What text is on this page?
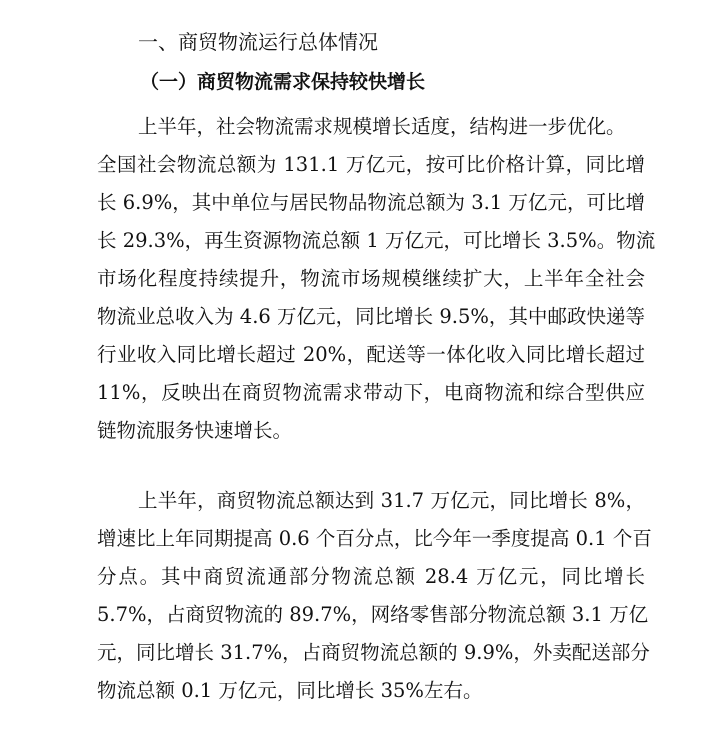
一、商贸物流运行总体情况
（一）商贸物流需求保持较快增长
上半年，社会物流需求规模增长适度，结构进一步优化。
全国社会物流总额为 131.1 万亿元，按可比价格计算，同比增
长 6.9%，其中单位与居民物品物流总额为 3.1 万亿元，可比增
长 29.3%，再生资源物流总额 1 万亿元，可比增长 3.5%。物流
市场化程度持续提升，物流市场规模继续扩大，上半年全社会
物流业总收入为 4.6 万亿元，同比增长 9.5%，其中邮政快递等
行业收入同比增长超过 20%，配送等一体化收入同比增长超过
11%，反映出在商贸物流需求带动下，电商物流和综合型供应
链物流服务快速增长。
上半年，商贸物流总额达到 31.7 万亿元，同比增长 8%，
增速比上年同期提高 0.6 个百分点，比今年一季度提高 0.1 个百
分点。其中商贸流通部分物流总额 28.4 万亿元，同比增长
5.7%，占商贸物流的 89.7%，网络零售部分物流总额 3.1 万亿
元，同比增长 31.7%，占商贸物流总额的 9.9%，外卖配送部分
物流总额 0.1 万亿元，同比增长 35%左右。
